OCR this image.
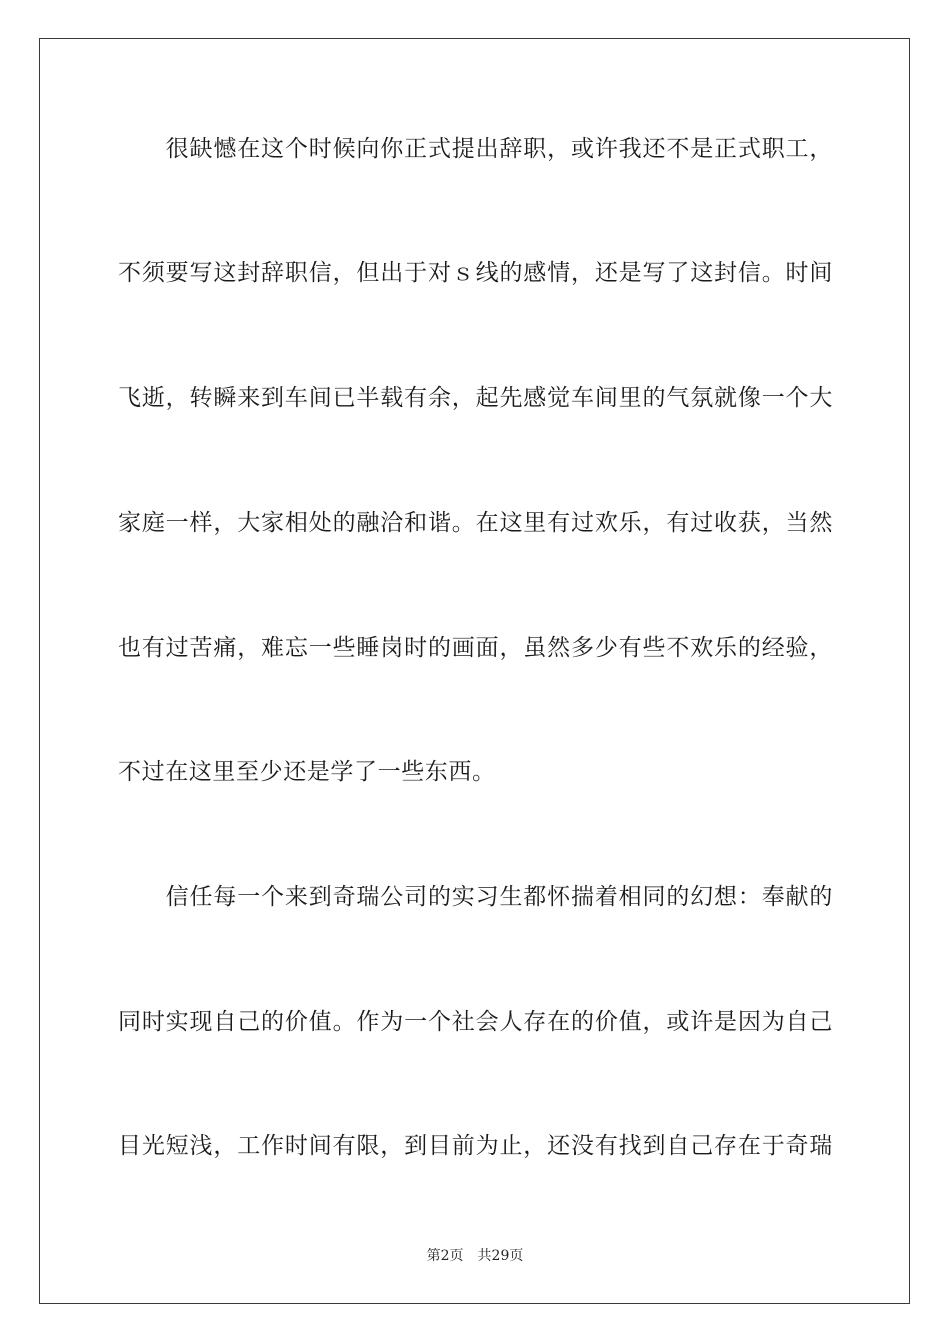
　　很缺憾在这个时候向你正式提出辞职，或许我还不是正式职工，
不须要写这封辞职信，但出于对ｓ线的感情，还是写了这封信。时间
飞逝，转瞬来到车间已半载有余，起先感觉车间里的气氛就像一个大
家庭一样，大家相处的融洽和谐。在这里有过欢乐，有过收获，当然
也有过苦痛，难忘一些睡岗时的画面，虽然多少有些不欢乐的经验，
不过在这里至少还是学了一些东西。
　　信任每一个来到奇瑞公司的实习生都怀揣着相同的幻想：奉献的
同时实现自己的价值。作为一个社会人存在的价值，或许是因为自己
目光短浅，工作时间有限，到目前为止，还没有找到自己存在于奇瑞
第2页 共29页
